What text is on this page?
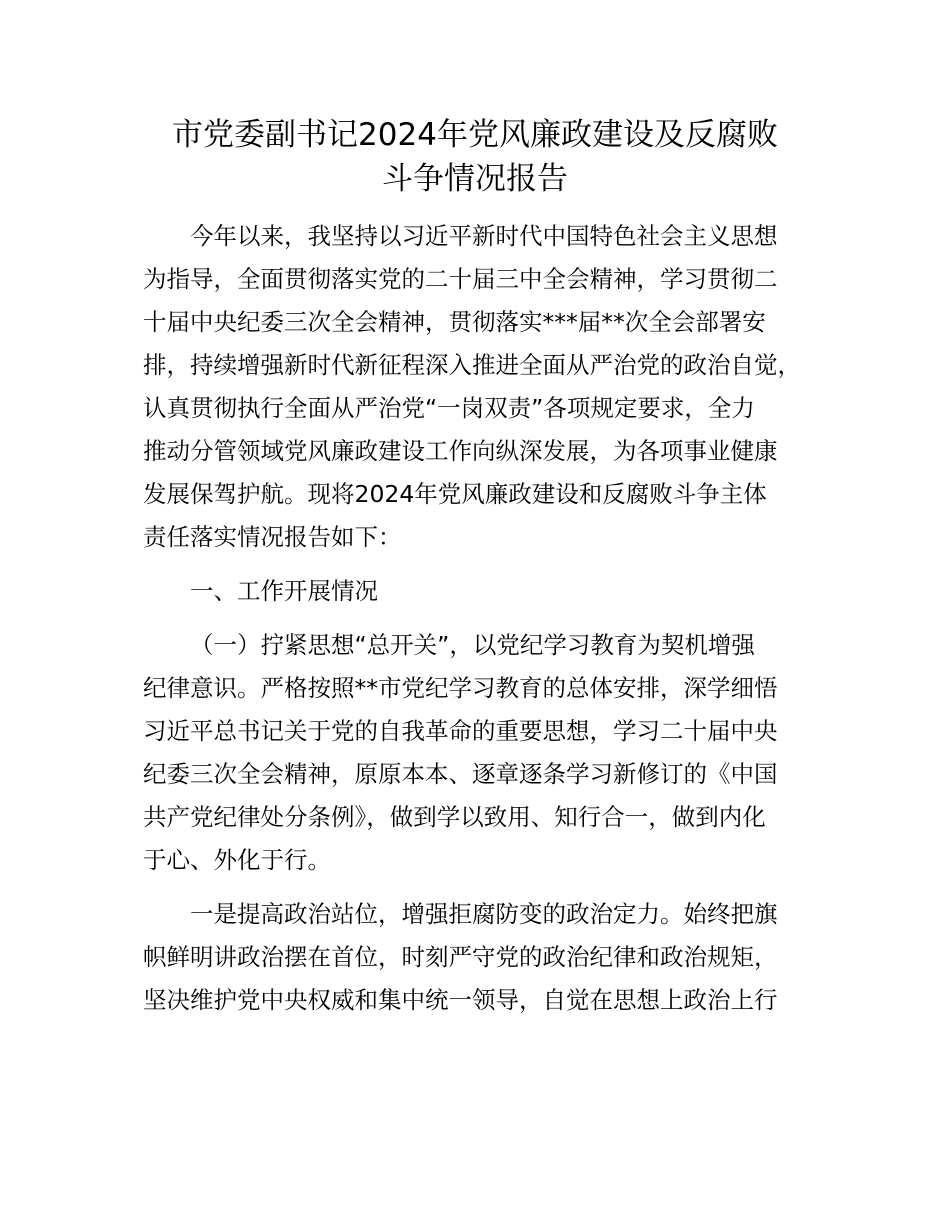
市党委副书记2024年党风廉政建设及反腐败
斗争情况报告
今年以来，我坚持以习近平新时代中国特色社会主义思想
为指导，全面贯彻落实党的二十届三中全会精神，学习贯彻二
十届中央纪委三次全会精神，贯彻落实***届**次全会部署安
排，持续增强新时代新征程深入推进全面从严治党的政治自觉，
认真贯彻执行全面从严治党“一岗双责”各项规定要求，全力
推动分管领域党风廉政建设工作向纵深发展，为各项事业健康
发展保驾护航。现将2024年党风廉政建设和反腐败斗争主体
责任落实情况报告如下：
一、工作开展情况
（一）拧紧思想“总开关”，以党纪学习教育为契机增强
纪律意识。严格按照**市党纪学习教育的总体安排，深学细悟
习近平总书记关于党的自我革命的重要思想，学习二十届中央
纪委三次全会精神，原原本本、逐章逐条学习新修订的《中国
共产党纪律处分条例》，做到学以致用、知行合一，做到内化
于心、外化于行。
一是提高政治站位，增强拒腐防变的政治定力。始终把旗
帜鲜明讲政治摆在首位，时刻严守党的政治纪律和政治规矩，
坚决维护党中央权威和集中统一领导，自觉在思想上政治上行
